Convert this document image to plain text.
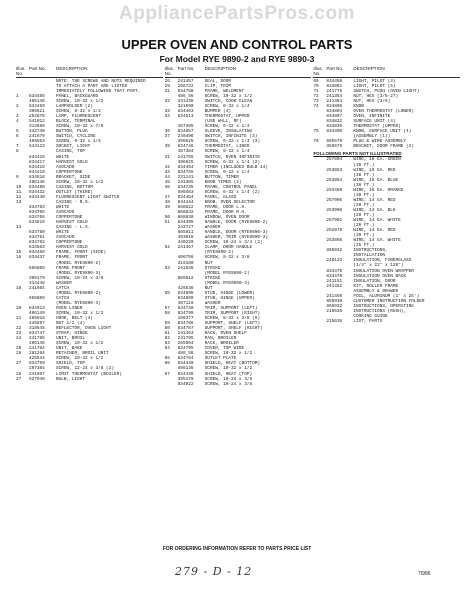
AppliancePartsPros.com
UPPER OVEN AND CONTROL PARTS
For Model RYE 9890-2 and RYE 9890-3
Illus. No.
Part No.	DESCRIPTION
NOTE: THE SCREWS AND NUTS REQUIRED
TO ATTACH A PART ARE LISTED
IMMEDIATELY FOLLOWING THAT PART.
1	834456	PANEL, BACKGUARD
406146	SCREW, 10-32 x 1/2
2	834459	LAMPHOLDER (2)
395621	SCREW, 8-32 x 1/2
3	252870	LAMP, FLUORESCENT
4	541012	BLOCK, TERMINAL
314686	SCREW, 10-32 x 7/8
5	342740	BUTTON, PLUG
6	241679	SWITCH, CYCLING
496563	SCREW, 6-32 x 1/4
7	543123	SOCKET, LIGHT
8	CASING, TOP
834416	WHITE
834417	HARVEST GOLD
834418	AVOCADO
834419	COPPERTONE
9	834516	BRACKET, SIDE
406146	SCREW, 10-32 x 1/2
10	834480	CASING, BOTTOM
11	834432	OUTLET (THIRD)
12	834440	FLUORESCENT LIGHT SWITCH
13	CASING - R.S.
834763	WHITE
834765	AVOCADO
834766	COPPERTONE
834619	HARVEST GOLD
14	CASING - L.S.
834780	WHITE
834781	AVOCADO
834782	COPPERTONE
834583	HARVEST GOLD
15	834456	FRAME, FRONT (SIDE)
16	834437	FRAME, FRONT
(MODEL RYE9890-2)
865809	FRAME FRONT
(MODEL RYE9890-3)
395179	SCREW, 10-24 x 3/8
314448	WASHER
18	241984	CATCH
(MODEL RYE9890-2)
865809	CATCH
(MODEL RYE9890-3)
20	834913	OVEN LINER
406149	SCREW, 10-32 x 1/2
21	265918	HOOK, BELT (4)
245597	NUT 1/2 (4)
22	318545	REFLECTOR, OVEN LIGHT
23	834747	STRAP, HINGE
24	241785	UNIT, BROIL
406146	SCREW, 10-32 x 1/2
25	241784	UNIT, BAKE
26	281264	RETAINER, BROIL UNIT
425534	SCREW, 10-32 x 1/2
27	834759	SHIELD, TOP
297384	SCREW, 12-24 x 3/8 (2)
28	241987	LIMIT THERMOSTAT (BOILER)
27	527949	BULB, LIGHT
Illus. No.
Part No.	DESCRIPTION
26	241457	SEAL, DOOR
29	256722	CLIP, TRIM
31	834788	FRAME, WELDMENT
486_56	SCREW, 10-32 x 1/2
32	331438	SWITCH, COOK CLEAN
321590	SCREW, 6-32 x 1/4
33	834463	BUMPER (4)
34	834513	THERMOSTAT, UPPER
(USE WALL, RF)
487385	SCREW, 6-32 x 1/4
36	834857	SLEEVE, INSULATING
37	240496	SWITCH, INFINITE (3)
496625	SCREW, 6-32 x 1/4 (3)
39	834746	THERMOSTAT, LINER
487384	SCREW, 6-32 x 1/4
41	241755	SWITCH, OVEN INFINITE
496625	SCREW, 6-32 x 1/4 (2)
42	834464	TIMER (INCLUDES BULB 44)
43	834755	SCREW, 6-32 x 1/4
44	231141	BUTTON, TIMER
45	241365	KNOB TIMER (2)
46	834735	FRAME, CONTROL PANEL
599483	SCREW, 6-32 x 1/4 (2)
47	834454	PANEL, GLASS
48	834444	KNOB, OVEN SELECTOR
49	868822	FRAME, DOOR L.H.
868832	FRAME, DOOR R.H.
50	868830	WINDOW, OVEN DOOR
51	834495	HANDLE, DOOR (RYE9890-2)
243727	WASHER
865811	HANDLE, DOOR (RYE9890-3)
493016	WASHER, TRIM (RYE9890-3)
440220	SCREW, 10-24 x 3/4 (2)
52	241467	CLAMP, DOOR HANDLE
(RYE9890-2)
406756	SCREW, 8-32 x 3/8
319180	NUT
53	241536	STRIKE
(MODEL RYE9890-2)
865812	STRIKE
(MODEL RYE9890-3)
426536	NUT
55	834896	STUD, HINGE (LOWER)
834899	STUD, HINGE (UPPER)
407119	WASHER
57	834740	TRIM, SUPPORT (LEFT)
58	834799	TRIM, SUPPORT (RIGHT)
166377	SCREW, 8-32 x 3/8 (6)
59	834786	SUPPORT, SHELF (LEFT)
60	834787	SUPPORT, SHELF (RIGHT)
61	241463	RACK, OVEN SHELF
62	241795	PAN, BROILER
63	265964	RACK, BROILER
64	834795	COVER, TOP WIRE
486_56	SCREW, 10-32 x 1/2
65	834784	OUTLET PLATE
66	834440	SHIELD, HEAT (BOTTOM)
406146	SCREW, 10-32 x 1/2
67	834436	SHIELD, HEAT (TOP)
395179	SCREW, 10-24 x 3/8
834022	SCREW, 10-24 x 3/8
Illus. No.
Part No.	DESCRIPTION
69	834458	LIGHT, PILOT (3)
70	834891	LIGHT, PILOT (5)
71	241776	SWITCH, PUSH (OVEN LIGHT)
72	241354	NUT, HEX (3/8-27)
73	241364	NUT, HEX (3/8)
74	834805	KNOB
834804	OVEN THERMOSTAT (LOWER)
834807	OVEN, INFINITE
834832	SURFACE UNIT (4)
834835	THERMOSTAT (UPPER)
75	834406	KNOB, SURFACE UNIT (4)
(ASSEMBLY (1))
76	865579	PLUG & WIRE ASSEMBLY
358679	BRACKET, DOOR FRAME (2)
FOLLOWING PARTS NOT ILLUSTRATED
257804	WIRE, 16 GA. GREEN
(38 FT.)
253863	WIRE, 16 GA. RED
(38 FT.)
253864	WIRE, 16 GA. BLUE
(38 FT.)
253499	WIRE, 16 GA. ORANGE
(38 FT.)
257905	WIRE, 14 GA. RED
(20 FT.)
253906	WIRE, 14 GA. BLK
(20 FT.)
257901	WIRE, 14 GA. WHITE
(20 FT.)
252879	WIRE, 14 GA. RED
(20 FT.)
253898	WIRE, 14 GA. WHITE
(25 FT.)
865932	INSTRUCTIONS,
INSTALLATION
240133	INSULATION, FIBERGLASS
(1/4" x 22" x 120")
834470	INSULATION OVEN WRAPPER
834470	INSULATION OVEN BACK
241151	INSULATION, DOOR
241452	KIT, ROLLER FRAME
ASSEMBLY & DRAWER
241450	FOIL, ALUMINUM (1" x 25')
865930	CUSTOMER INSTRUCTION FOLDER
865932	INSTRUCTIONS, OPERATING
215636	INSTRUCTIONS (RUSH),
COOKING GUIDE
215636	LIST, PARTS
FOR ORDERING INFORMATION REFER TO PARTS PRICE LIST
279 - D - 12	7I986
